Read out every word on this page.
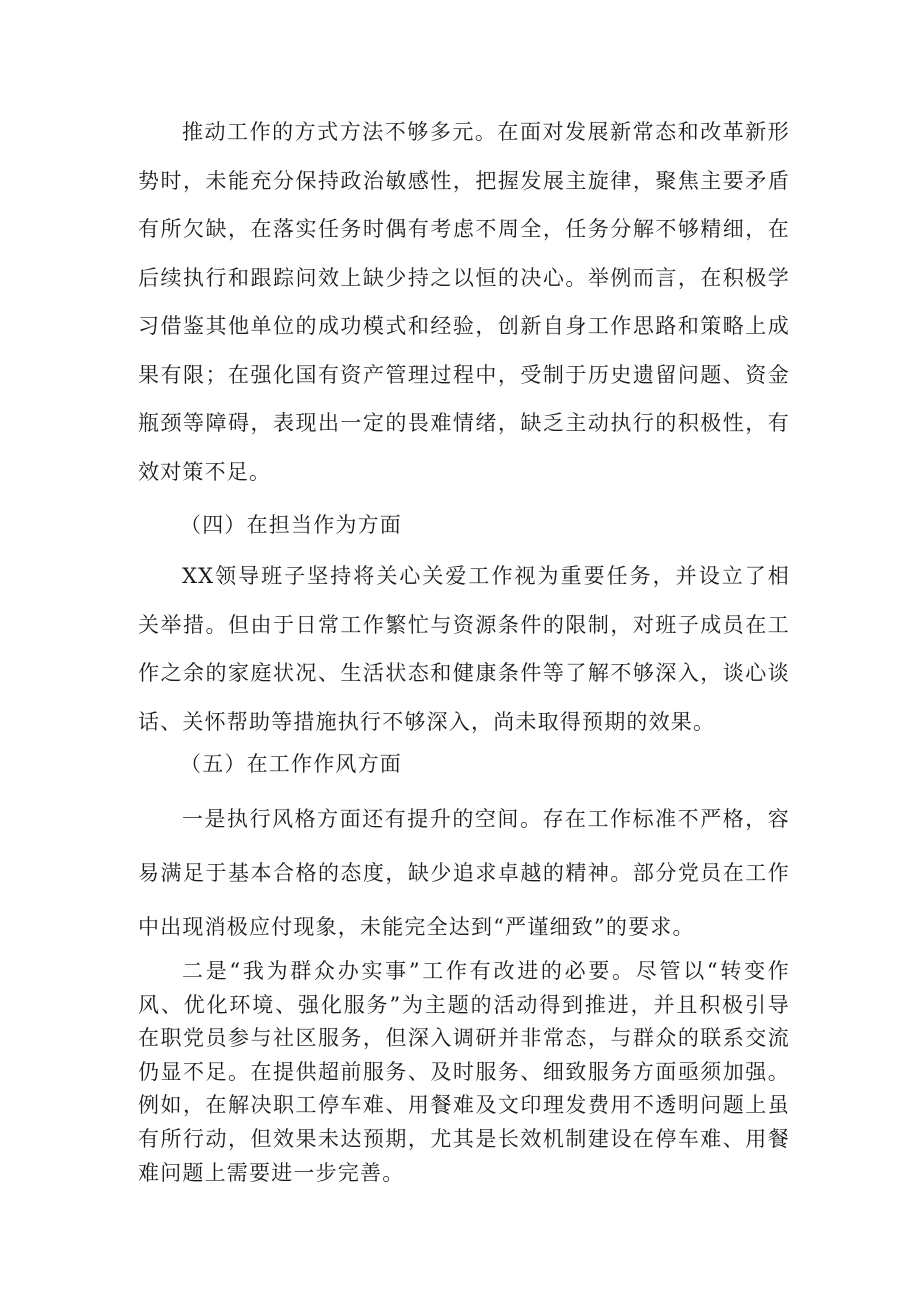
推动工作的方式方法不够多元。在面对发展新常态和改革新形势时，未能充分保持政治敏感性，把握发展主旋律，聚焦主要矛盾有所欠缺，在落实任务时偶有考虑不周全，任务分解不够精细，在后续执行和跟踪问效上缺少持之以恒的决心。举例而言，在积极学习借鉴其他单位的成功模式和经验，创新自身工作思路和策略上成果有限；在强化国有资产管理过程中，受制于历史遗留问题、资金瓶颈等障碍，表现出一定的畏难情绪，缺乏主动执行的积极性，有效对策不足。

（四）在担当作为方面

XX领导班子坚持将关心关爱工作视为重要任务，并设立了相关举措。但由于日常工作繁忙与资源条件的限制，对班子成员在工作之余的家庭状况、生活状态和健康条件等了解不够深入，谈心谈话、关怀帮助等措施执行不够深入，尚未取得预期的效果。

（五）在工作作风方面

一是执行风格方面还有提升的空间。存在工作标准不严格，容易满足于基本合格的态度，缺少追求卓越的精神。部分党员在工作中出现消极应付现象，未能完全达到“严谨细致”的要求。

二是“我为群众办实事”工作有改进的必要。尽管以“转变作风、优化环境、强化服务”为主题的活动得到推进，并且积极引导在职党员参与社区服务，但深入调研并非常态，与群众的联系交流仍显不足。在提供超前服务、及时服务、细致服务方面亟须加强。例如，在解决职工停车难、用餐难及文印理发费用不透明问题上虽有所行动，但效果未达预期，尤其是长效机制建设在停车难、用餐难问题上需要进一步完善。
